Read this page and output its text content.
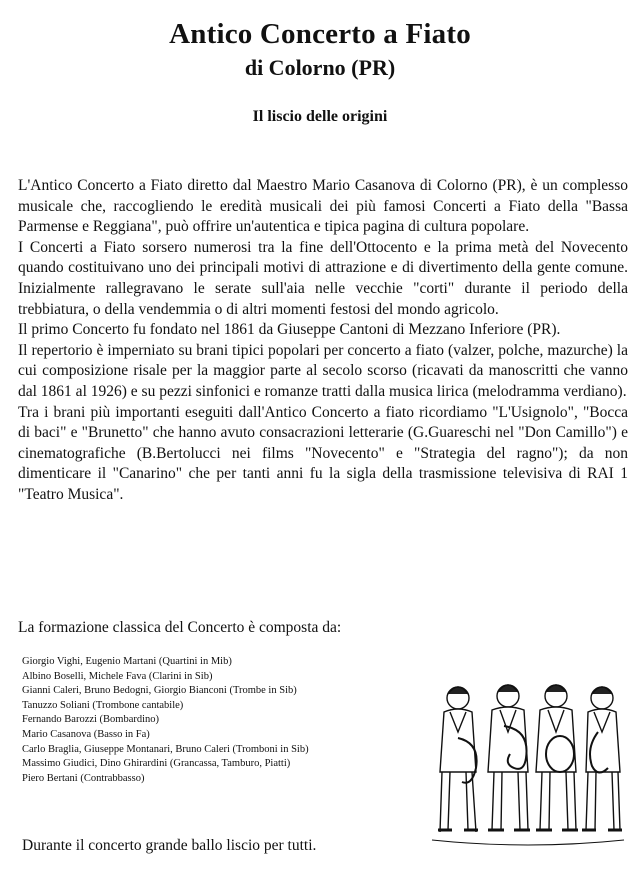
Antico Concerto a Fiato
di Colorno (PR)
Il liscio delle origini

L'Antico Concerto a Fiato diretto dal Maestro Mario Casanova di Colorno (PR), è un complesso musicale che, raccogliendo le eredità musicali dei più famosi Concerti a Fiato della "Bassa Parmense e Reggiana", può offrire un'autentica e tipica pagina di cultura popolare.

I Concerti a Fiato sorsero numerosi tra la fine dell'Ottocento e la prima metà del Novecento quando costituivano uno dei principali motivi di attrazione e di divertimento della gente comune. Inizialmente rallegravano le serate sull'aia nelle vecchie "corti" durante il periodo della trebbiatura, o della vendemmia o di altri momenti festosi del mondo agricolo.

Il primo Concerto fu fondato nel 1861 da Giuseppe Cantoni di Mezzano Inferiore (PR).

Il repertorio è imperniato su brani tipici popolari per concerto a fiato (valzer, polche, mazurche) la cui composizione risale per la maggior parte al secolo scorso (ricavati da manoscritti che vanno dal 1861 al 1926) e su pezzi sinfonici e romanze tratti dalla musica lirica (melodramma verdiano).

Tra i brani più importanti eseguiti dall'Antico Concerto a fiato ricordiamo "L'Usignolo", "Bocca di baci" e "Brunetto" che hanno avuto consacrazioni letterarie (G.Guareschi nel "Don Camillo") e cinematografiche (B.Bertolucci nei films "Novecento" e "Strategia del ragno"); da non dimenticare il "Canarino" che per tanti anni fu la sigla della trasmissione televisiva di RAI 1 "Teatro Musica".

La formazione classica del Concerto è composta da:
Giorgio Vighi, Eugenio Martani (Quartini in Mib)
Albino Boselli, Michele Fava (Clarini in Sib)
Gianni Caleri, Bruno Bedogni, Giorgio Bianconi (Trombe in Sib)
Tanuzzo Soliani (Trombone cantabile)
Fernando Barozzi (Bombardino)
Mario Casanova (Basso in Fa)
Carlo Braglia, Giuseppe Montanari, Bruno Caleri (Tromboni in Sib)
Massimo Giudici, Dino Ghirardini (Grancassa, Tamburo, Piatti)
Piero Bertani (Contrabbasso)
Durante il concerto grande ballo liscio per tutti.
